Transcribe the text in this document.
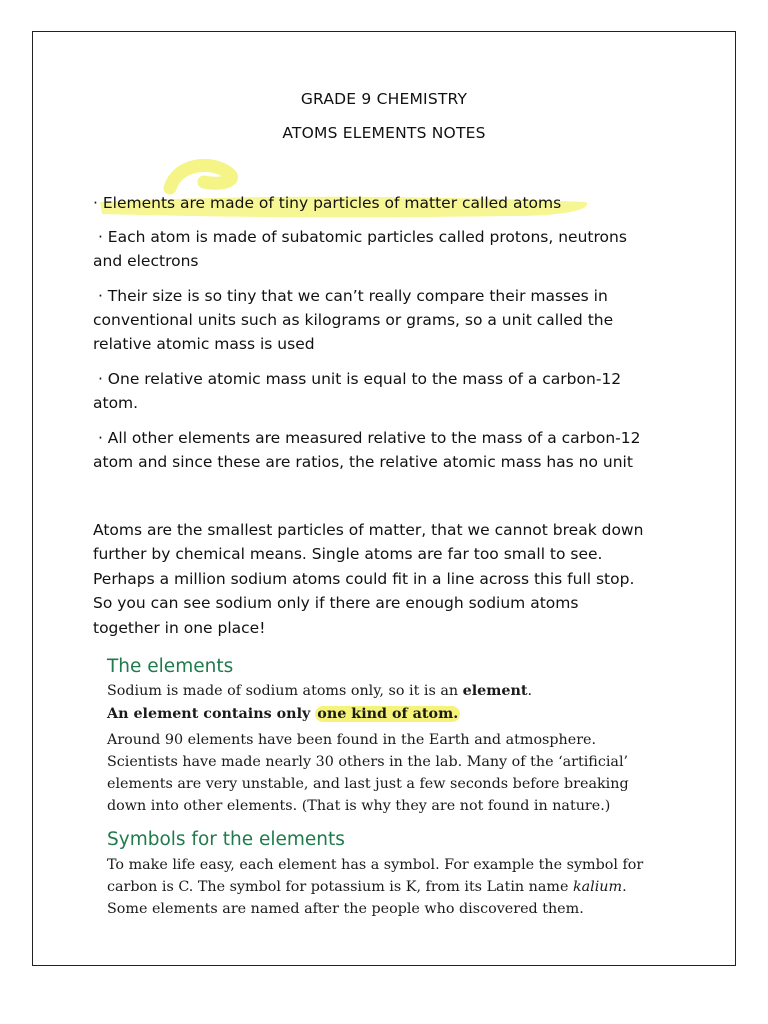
GRADE 9 CHEMISTRY
ATOMS ELEMENTS NOTES
· Elements are made of tiny particles of matter called atoms
· Each atom is made of subatomic particles called protons, neutrons
and electrons
· Their size is so tiny that we can’t really compare their masses in
conventional units such as kilograms or grams, so a unit called the
relative atomic mass is used
· One relative atomic mass unit is equal to the mass of a carbon-12
atom.
· All other elements are measured relative to the mass of a carbon-12
atom and since these are ratios, the relative atomic mass has no unit
Atoms are the smallest particles of matter, that we cannot break down
further by chemical means. Single atoms are far too small to see.
Perhaps a million sodium atoms could fit in a line across this full stop.
So you can see sodium only if there are enough sodium atoms
together in one place!
The elements
Sodium is made of sodium atoms only, so it is an element.
An element contains only one kind of atom.
Around 90 elements have been found in the Earth and atmosphere.
Scientists have made nearly 30 others in the lab. Many of the ‘artificial’
elements are very unstable, and last just a few seconds before breaking
down into other elements. (That is why they are not found in nature.)
Symbols for the elements
To make life easy, each element has a symbol. For example the symbol for
carbon is C. The symbol for potassium is K, from its Latin name kalium.
Some elements are named after the people who discovered them.
